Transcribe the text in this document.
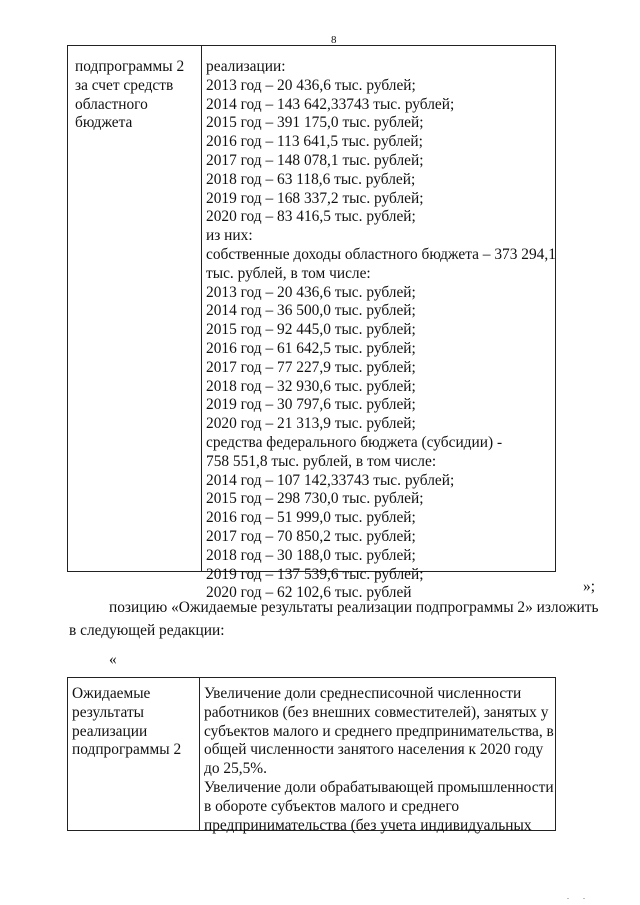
8
подпрограммы 2
за счет средств
областного
бюджета
реализации:
2013 год – 20 436,6 тыс. рублей;
2014 год – 143 642,33743 тыс. рублей;
2015 год – 391 175,0 тыс. рублей;
2016 год – 113 641,5 тыс. рублей;
2017 год – 148 078,1 тыс. рублей;
2018 год – 63 118,6 тыс. рублей;
2019 год – 168 337,2 тыс. рублей;
2020 год – 83 416,5 тыс. рублей;
из них:
собственные доходы областного бюджета – 373 294,1
тыс. рублей, в том числе:
2013 год – 20 436,6 тыс. рублей;
2014 год – 36 500,0 тыс. рублей;
2015 год – 92 445,0 тыс. рублей;
2016 год – 61 642,5 тыс. рублей;
2017 год – 77 227,9 тыс. рублей;
2018 год – 32 930,6 тыс. рублей;
2019 год – 30 797,6 тыс. рублей;
2020 год – 21 313,9 тыс. рублей;
средства федерального бюджета (субсидии) -
758 551,8 тыс. рублей, в том числе:
2014 год – 107 142,33743 тыс. рублей;
2015 год – 298 730,0 тыс. рублей;
2016 год – 51 999,0 тыс. рублей;
2017 год – 70 850,2 тыс. рублей;
2018 год – 30 188,0 тыс. рублей;
2019 год – 137 539,6 тыс. рублей;
2020 год – 62 102,6 тыс. рублей	»;
позицию «Ожидаемые результаты реализации подпрограммы 2» изложить
в следующей редакции:
«
Ожидаемые
результаты
реализации
подпрограммы 2
Увеличение доли среднесписочной численности
работников (без внешних совместителей), занятых у
субъектов малого и среднего предпринимательства, в
общей численности занятого населения к 2020 году
до 25,5%.
Увеличение доли обрабатывающей промышленности
в обороте субъектов малого и среднего
предпринимательства (без учета индивидуальных
. .
